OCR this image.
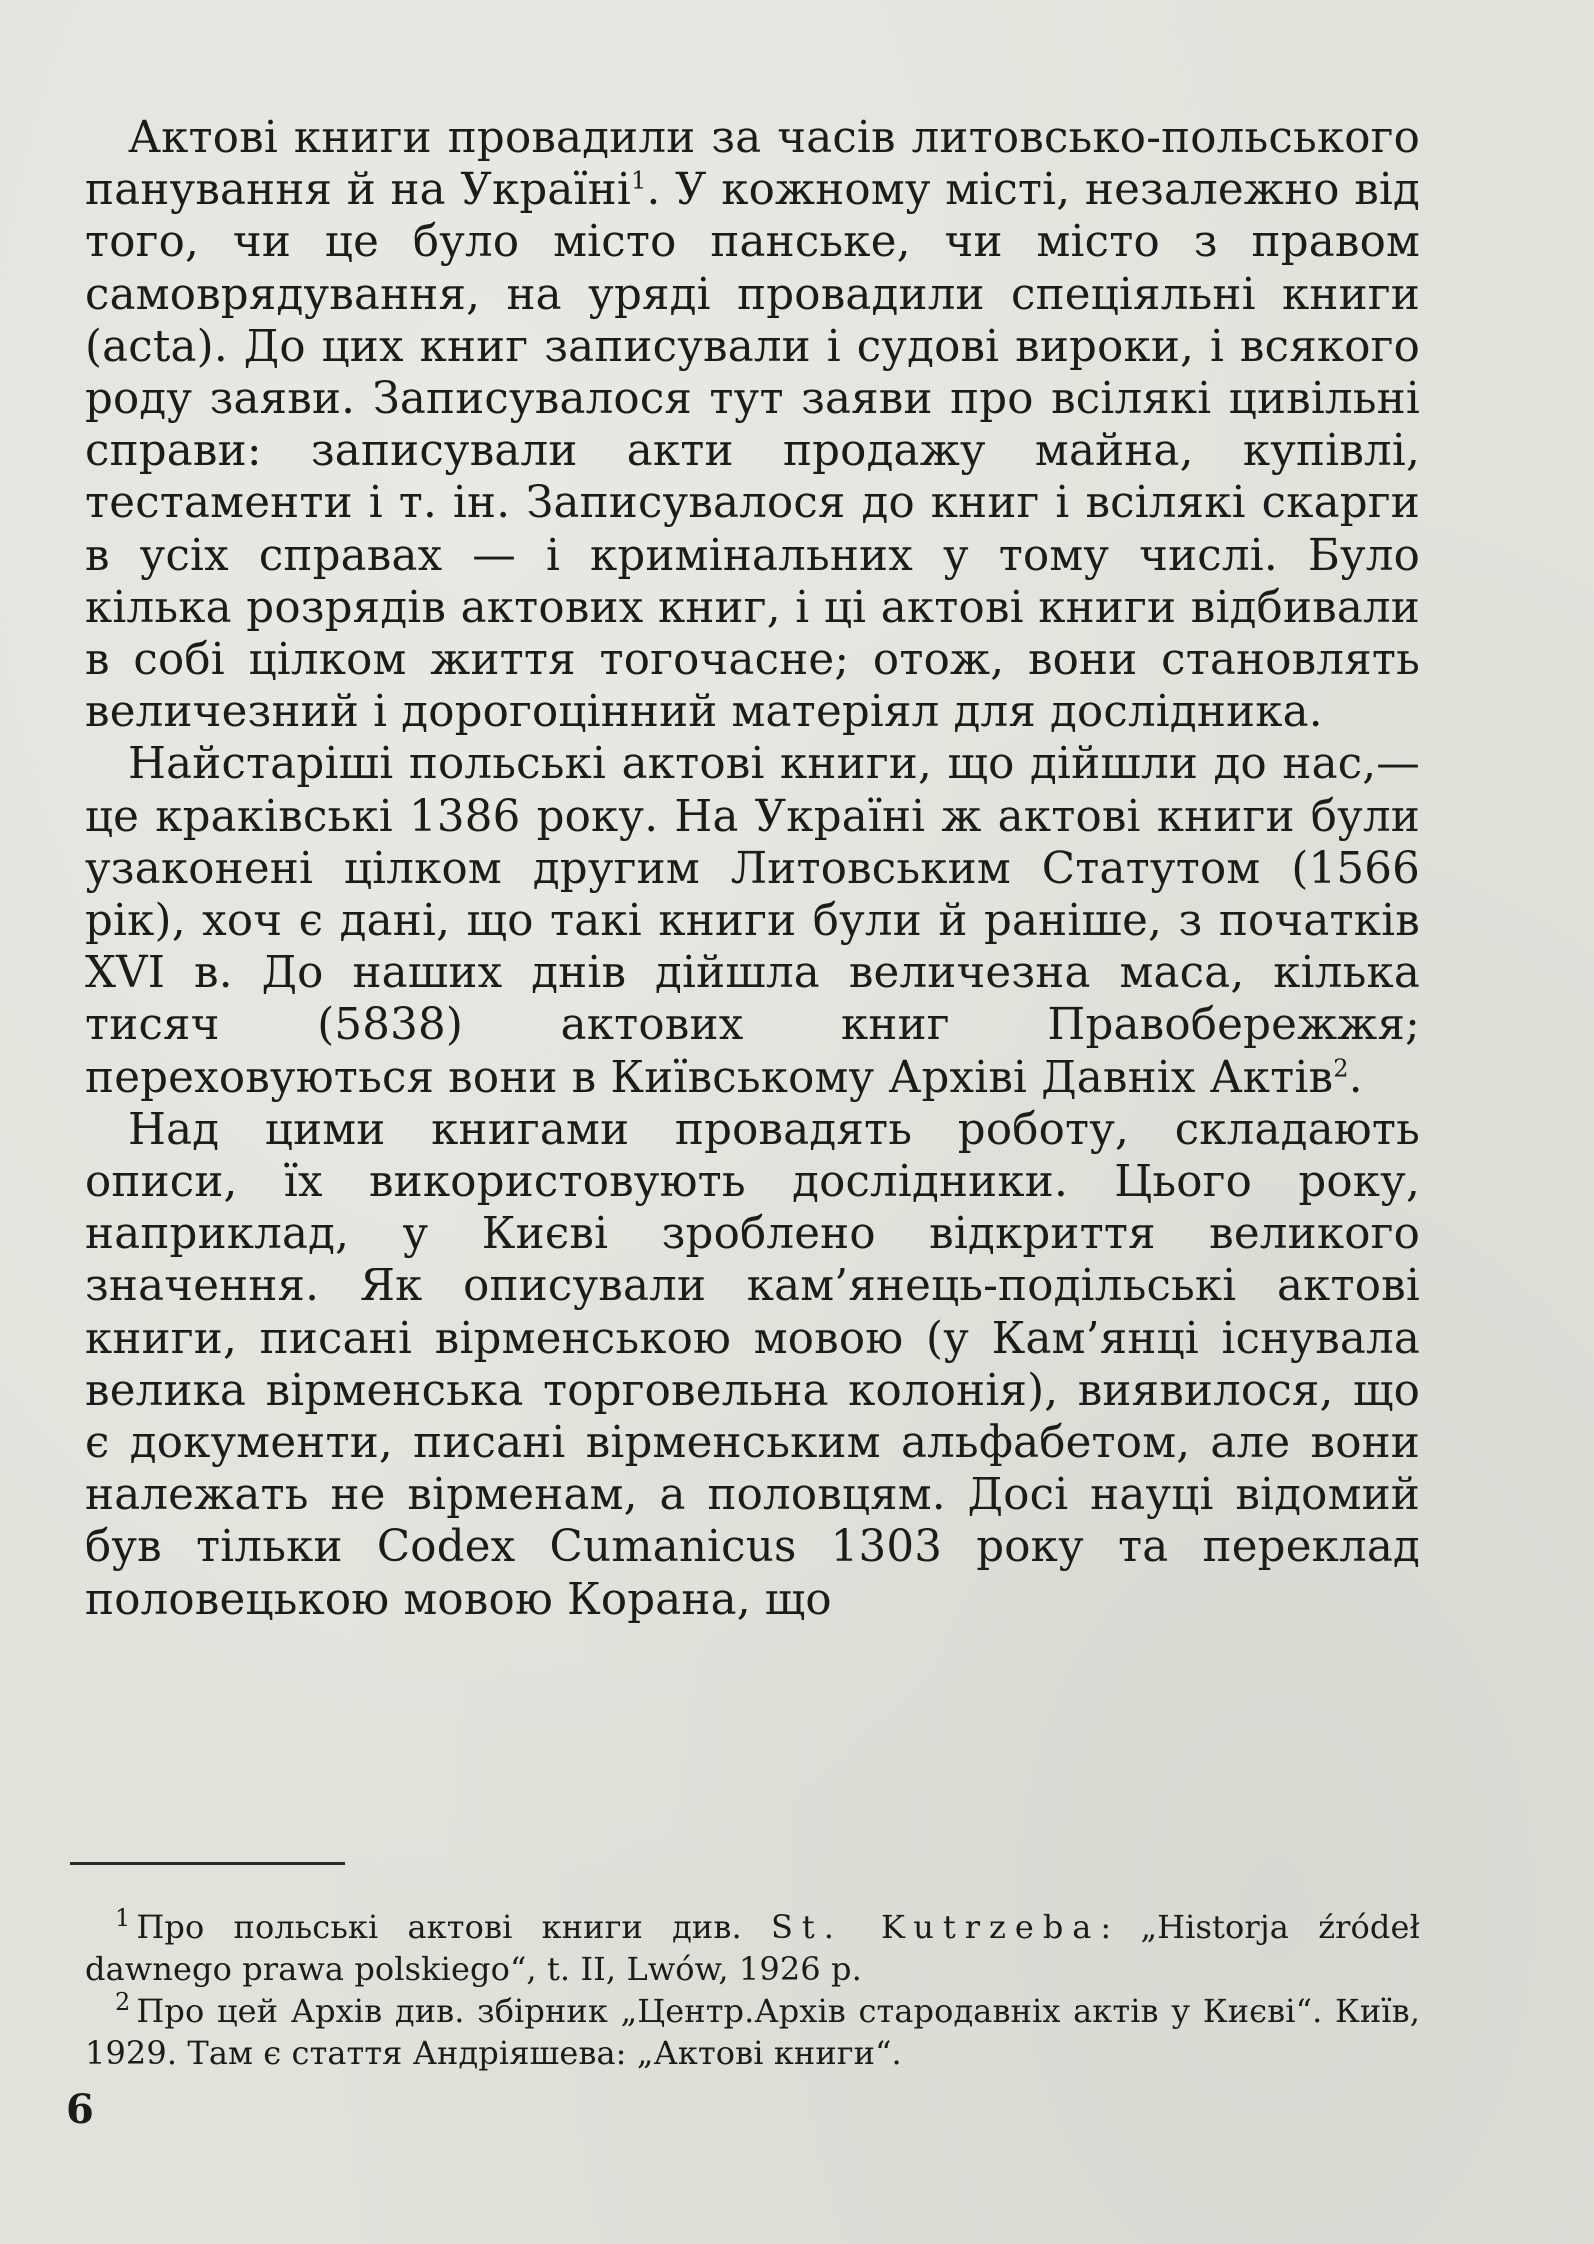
Актові книги провадили за часів литовсько-польського панування й на Україні$^1$. У кожному місті, незалежно від того, чи це було місто панське, чи місто з правом самоврядування, на уряді провадили спеціяльні книги (acta). До цих книг записували і судові вироки, і всякого роду заяви. Записувалося тут заяви про всілякі цивільні справи: записували акти продажу майна, купівлі, тестаменти і т. ін. Записувалося до книг і всілякі скарги в усіх справах — і кримінальних у тому числі. Було кілька розрядів актових книг, і ці актові книги відбивали в собі цілком життя тогочасне; отож, вони становлять величезний і дорогоцінний матеріял для дослідника.

Найстаріші польські актові книги, що дійшли до нас,—це краківські 1386 року. На Україні ж актові книги були узаконені цілком другим Литовським Статутом (1566 рік), хоч є дані, що такі книги були й раніше, з початків XVI в. До наших днів дійшла величезна маса, кілька тисяч (5838) актових книг Правобережжя; переховуються вони в Київському Архіві Давніх Актів$^2$.

Над цими книгами провадять роботу, складають описи, їх використовують дослідники. Цього року, наприклад, у Києві зроблено відкриття великого значення. Як описували кам’янець-подільські актові книги, писані вірменською мовою (у Кам’янці існувала велика вірменська торговельна колонія), виявилося, що є документи, писані вірменським альфабетом, але вони належать не вірменам, а половцям. Досі науці відомий був тільки Codex Cumanicus 1303 року та переклад половецькою мовою Корана, що

$^1$ Про польські актові книги див. St. Kutrzeba: „Historja źródeł dawnego prawa polskiego“, t. II, Lwów, 1926 р.

$^2$ Про цей Архів див. збірник „Центр.Архів стародавніх актів у Києві“. Київ, 1929. Там є стаття Андріяшева: „Актові книги“.

6
